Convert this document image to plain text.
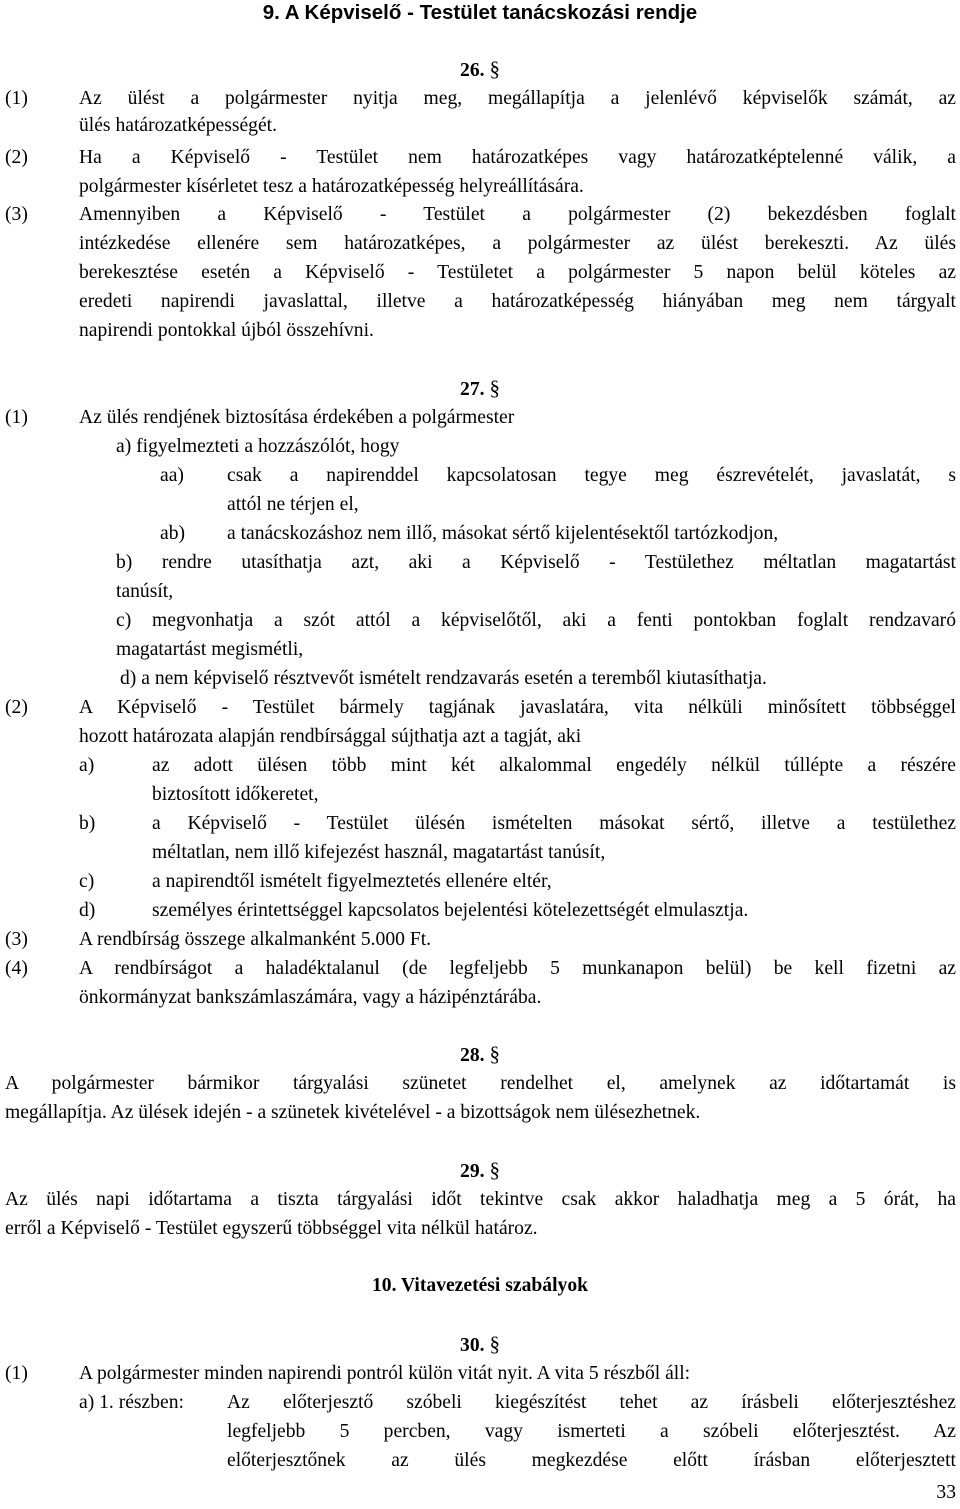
9. A Képviselő - Testület tanácskozási rendje
26. §
(1)	Az ülést a polgármester nyitja meg, megállapítja a jelenlévő képviselők számát, az
ülés határozatképességét.
(2)	Ha a Képviselő - Testület nem határozatképes vagy határozatképtelenné válik, a
polgármester kísérletet tesz a határozatképesség helyreállítására.
(3)	Amennyiben a Képviselő - Testület a polgármester (2) bekezdésben foglalt
intézkedése ellenére sem határozatképes, a polgármester az ülést berekeszti. Az ülés
berekesztése esetén a Képviselő - Testületet a polgármester 5 napon belül köteles az
eredeti napirendi javaslattal, illetve a határozatképesség hiányában meg nem tárgyalt
napirendi pontokkal újból összehívni.
27. §
(1)	Az ülés rendjének biztosítása érdekében a polgármester
a) figyelmezteti a hozzászólót, hogy
aa) csak a napirenddel kapcsolatosan tegye meg észrevételét, javaslatát, s
attól ne térjen el,
ab) a tanácskozáshoz nem illő, másokat sértő kijelentésektől tartózkodjon,
b) rendre utasíthatja azt, aki a Képviselő - Testülethez méltatlan magatartást
tanúsít,
c) megvonhatja a szót attól a képviselőtől, aki a fenti pontokban foglalt rendzavaró
magatartást megismétli,
d) a nem képviselő résztvevőt ismételt rendzavarás esetén a teremből kiutasíthatja.
(2)	A Képviselő - Testület bármely tagjának javaslatára, vita nélküli minősített többséggel
hozott határozata alapján rendbírsággal sújthatja azt a tagját, aki
a)	az adott ülésen több mint két alkalommal engedély nélkül túllépte a részére
biztosított időkeretet,
b)	a Képviselő - Testület ülésén ismételten másokat sértő, illetve a testülethez
méltatlan, nem illő kifejezést használ, magatartást tanúsít,
c)	a napirendtől ismételt figyelmeztetés ellenére eltér,
d)	személyes érintettséggel kapcsolatos bejelentési kötelezettségét elmulasztja.
(3)	A rendbírság összege alkalmanként 5.000 Ft.
(4)	A rendbírságot a haladéktalanul (de legfeljebb 5 munkanapon belül) be kell fizetni az
önkormányzat bankszámlaszámára, vagy a házipénztárába.
28. §
A polgármester bármikor tárgyalási szünetet rendelhet el, amelynek az időtartamát is
megállapítja. Az ülések idején - a szünetek kivételével - a bizottságok nem ülésezhetnek.
29. §
Az ülés napi időtartama a tiszta tárgyalási időt tekintve csak akkor haladhatja meg a 5 órát, ha
erről a Képviselő - Testület egyszerű többséggel vita nélkül határoz.
10. Vitavezetési szabályok
30. §
(1)	A polgármester minden napirendi pontról külön vitát nyit. A vita 5 részből áll:
a) 1. részben: Az előterjesztő szóbeli kiegészítést tehet az írásbeli előterjesztéshez
legfeljebb 5 percben, vagy ismerteti a szóbeli előterjesztést. Az
előterjesztőnek az ülés megkezdése előtt írásban előterjesztett
33
